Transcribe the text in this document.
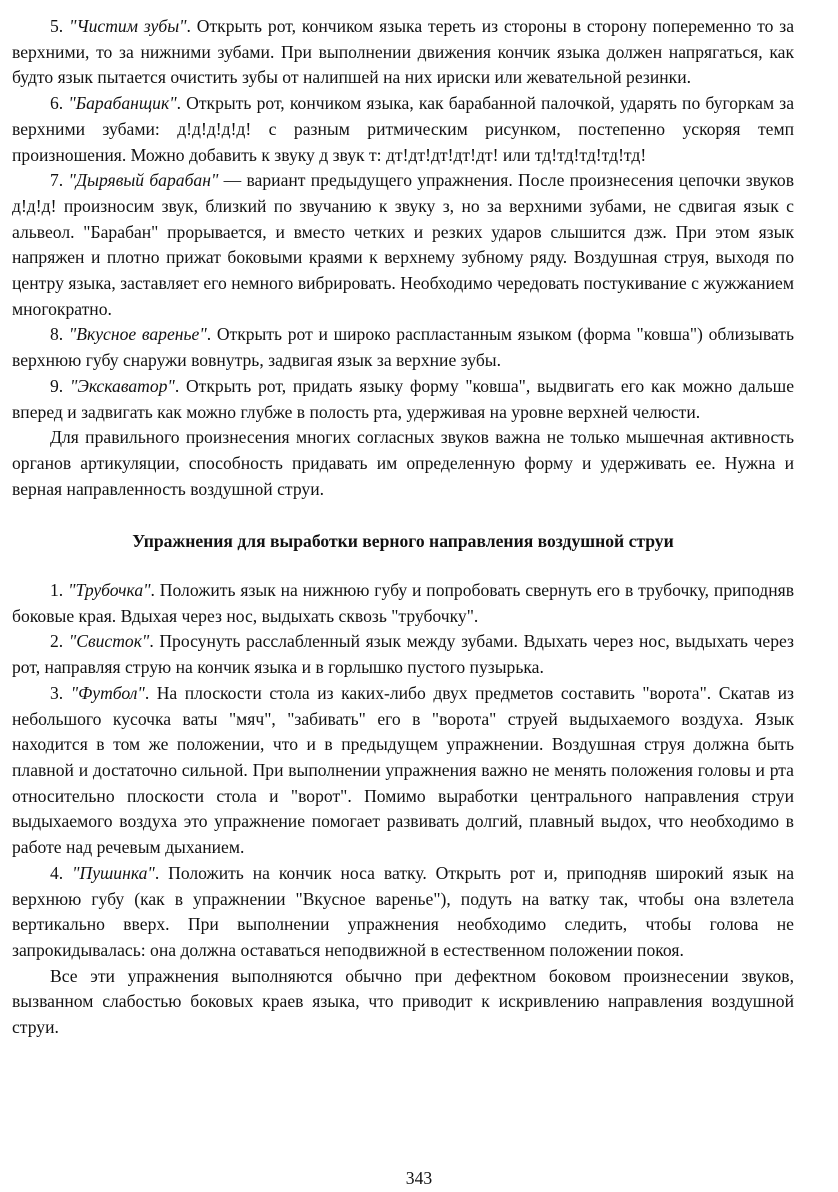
5. "Чистим зубы". Открыть рот, кончиком языка тереть из стороны в сторону попеременно то за верхними, то за нижними зубами. При выполнении движения кончик языка должен напрягаться, как будто язык пытается очистить зубы от налипшей на них ириски или жевательной резинки.

6. "Барабанщик". Открыть рот, кончиком языка, как барабанной палочкой, ударять по бугоркам за верхними зубами: д!д!д!д!д! с разным ритмическим рисунком, постепенно ускоряя темп произношения. Можно добавить к звуку д звук т: дт!дт!дт!дт!дт! или тд!тд!тд!тд!тд!

7. "Дырявый барабан" — вариант предыдущего упражнения. После произнесения цепочки звуков д!д!д! произносим звук, близкий по звучанию к звуку з, но за верхними зубами, не сдвигая язык с альвеол. "Барабан" прорывается, и вместо четких и резких ударов слышится дзж. При этом язык напряжен и плотно прижат боковыми краями к верхнему зубному ряду. Воздушная струя, выходя по центру языка, заставляет его немного вибрировать. Необходимо чередовать постукивание с жужжанием многократно.

8. "Вкусное варенье". Открыть рот и широко распластанным языком (форма "ковша") облизывать верхнюю губу снаружи вовнутрь, задвигая язык за верхние зубы.

9. "Экскаватор". Открыть рот, придать языку форму "ковша", выдвигать его как можно дальше вперед и задвигать как можно глубже в полость рта, удерживая на уровне верхней челюсти.

Для правильного произнесения многих согласных звуков важна не только мышечная активность органов артикуляции, способность придавать им определенную форму и удерживать ее. Нужна и верная направленность воздушной струи.

Упражнения для выработки верного направления воздушной струи

1. "Трубочка". Положить язык на нижнюю губу и попробовать свернуть его в трубочку, приподняв боковые края. Вдыхая через нос, выдыхать сквозь "трубочку".

2. "Свисток". Просунуть расслабленный язык между зубами. Вдыхать через нос, выдыхать через рот, направляя струю на кончик языка и в горлышко пустого пузырька.

3. "Футбол". На плоскости стола из каких-либо двух предметов составить "ворота". Скатав из небольшого кусочка ваты "мяч", "забивать" его в "ворота" струей выдыхаемого воздуха. Язык находится в том же положении, что и в предыдущем упражнении. Воздушная струя должна быть плавной и достаточно сильной. При выполнении упражнения важно не менять положения головы и рта относительно плоскости стола и "ворот". Помимо выработки центрального направления струи выдыхаемого воздуха это упражнение помогает развивать долгий, плавный выдох, что необходимо в работе над речевым дыханием.

4. "Пушинка". Положить на кончик носа ватку. Открыть рот и, приподняв широкий язык на верхнюю губу (как в упражнении "Вкусное варенье"), подуть на ватку так, чтобы она взлетела вертикально вверх. При выполнении упражнения необходимо следить, чтобы голова не запрокидывалась: она должна оставаться неподвижной в естественном положении покоя.

Все эти упражнения выполняются обычно при дефектном боковом произнесении звуков, вызванном слабостью боковых краев языка, что приводит к искривлению направления воздушной струи.

343
